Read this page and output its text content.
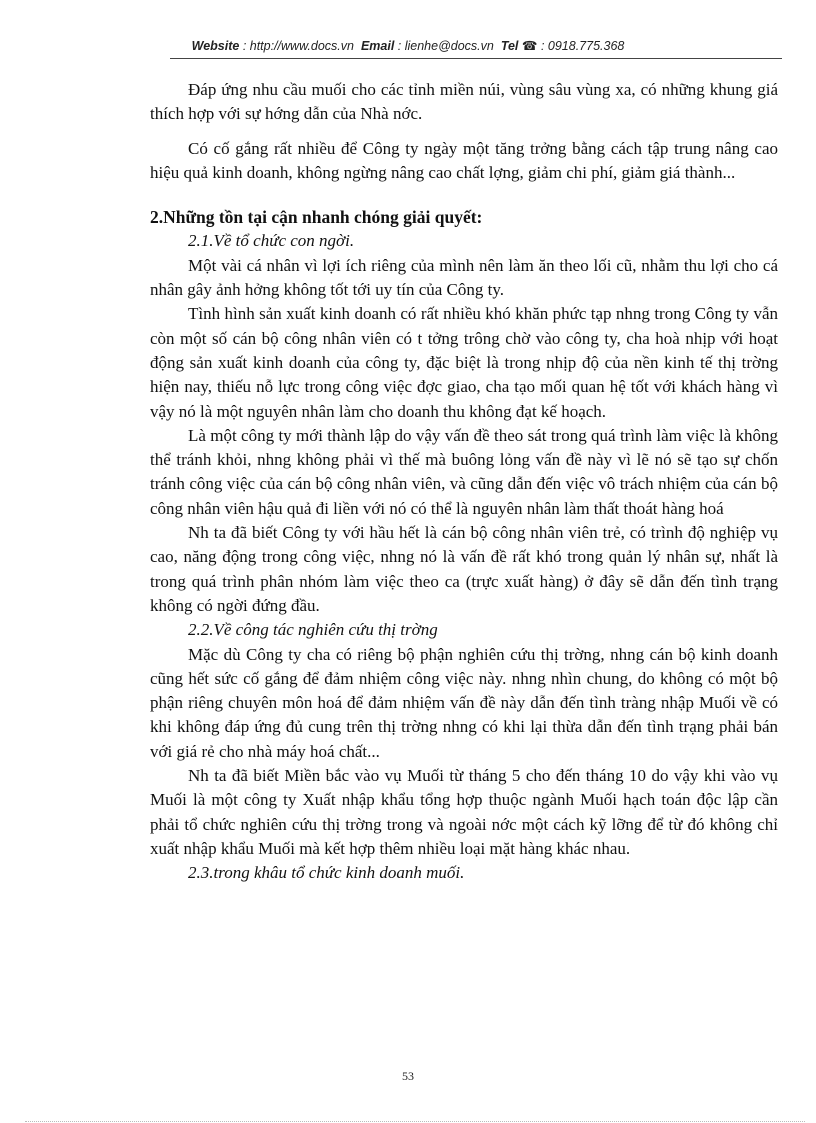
Website : http://www.docs.vn Email : lienhe@docs.vn Tel ☎ : 0918.775.368

Đáp ứng nhu cầu muối cho các tỉnh miền núi, vùng sâu vùng xa, có những khung giá thích hợp với sự hớng dẫn của Nhà nớc.

Có cố gắng rất nhiều để Công ty ngày một tăng trởng bằng cách tập trung nâng cao hiệu quả kinh doanh, không ngừng nâng cao chất lợng, giảm chi phí, giảm giá thành...

2.Những tồn tại cận nhanh chóng giải quyết:

2.1.Về tổ chức con ngời.

Một vài cá nhân vì lợi ích riêng của mình nên làm ăn theo lối cũ, nhằm thu lợi cho cá nhân gây ảnh hởng không tốt tới uy tín của Công ty.

Tình hình sản xuất kinh doanh có rất nhiều khó khăn phức tạp nhng trong Công ty vẫn còn một số cán bộ công nhân viên có t tởng trông chờ vào công ty, cha hoà nhịp với hoạt động sản xuất kinh doanh của công ty, đặc biệt là trong nhịp độ của nền kinh tế thị trờng hiện nay, thiếu nỗ lực trong công việc đợc giao, cha tạo mối quan hệ tốt với khách hàng vì vậy nó là một nguyên nhân làm cho doanh thu không đạt kế hoạch.

Là một công ty mới thành lập do vậy vấn đề theo sát trong quá trình làm việc là không thể tránh khỏi, nhng không phải vì thế mà buông lỏng vấn đề này vì lẽ nó sẽ tạo sự chốn tránh công việc của cán bộ công nhân viên, và cũng dẫn đến việc vô trách nhiệm của cán bộ công nhân viên hậu quả đi liền với nó có thể là nguyên nhân làm thất thoát hàng hoá

Nh ta đã biết Công ty với hầu hết là cán bộ công nhân viên trẻ, có trình độ nghiệp vụ cao, năng động trong công việc, nhng nó là vấn đề rất khó trong quản lý nhân sự, nhất là trong quá trình phân nhóm làm việc theo ca (trực xuất hàng) ở đây sẽ dẫn đến tình trạng không có ngời đứng đầu.

2.2.Về công tác nghiên cứu thị trờng

Mặc dù Công ty cha có riêng bộ phận nghiên cứu thị trờng, nhng cán bộ kinh doanh cũng hết sức cố gắng để đảm nhiệm công việc này. nhng nhìn chung, do không có một bộ phận riêng chuyên môn hoá để đảm nhiệm vấn đề này dẫn đến tình tràng nhập Muối về có khi không đáp ứng đủ cung trên thị trờng nhng có khi lại thừa dẫn đến tình trạng phải bán với giá rẻ cho nhà máy hoá chất...

Nh ta đã biết Miền bắc vào vụ Muối từ tháng 5 cho đến tháng 10 do vậy khi vào vụ Muối là một công ty Xuất nhập khẩu tổng hợp thuộc ngành Muối hạch toán độc lập cần phải tổ chức nghiên cứu thị trờng trong và ngoài nớc một cách kỹ lỡng để từ đó không chỉ xuất nhập khẩu Muối mà kết hợp thêm nhiều loại mặt hàng khác nhau.

2.3.trong khâu tổ chức kinh doanh muối.

53
